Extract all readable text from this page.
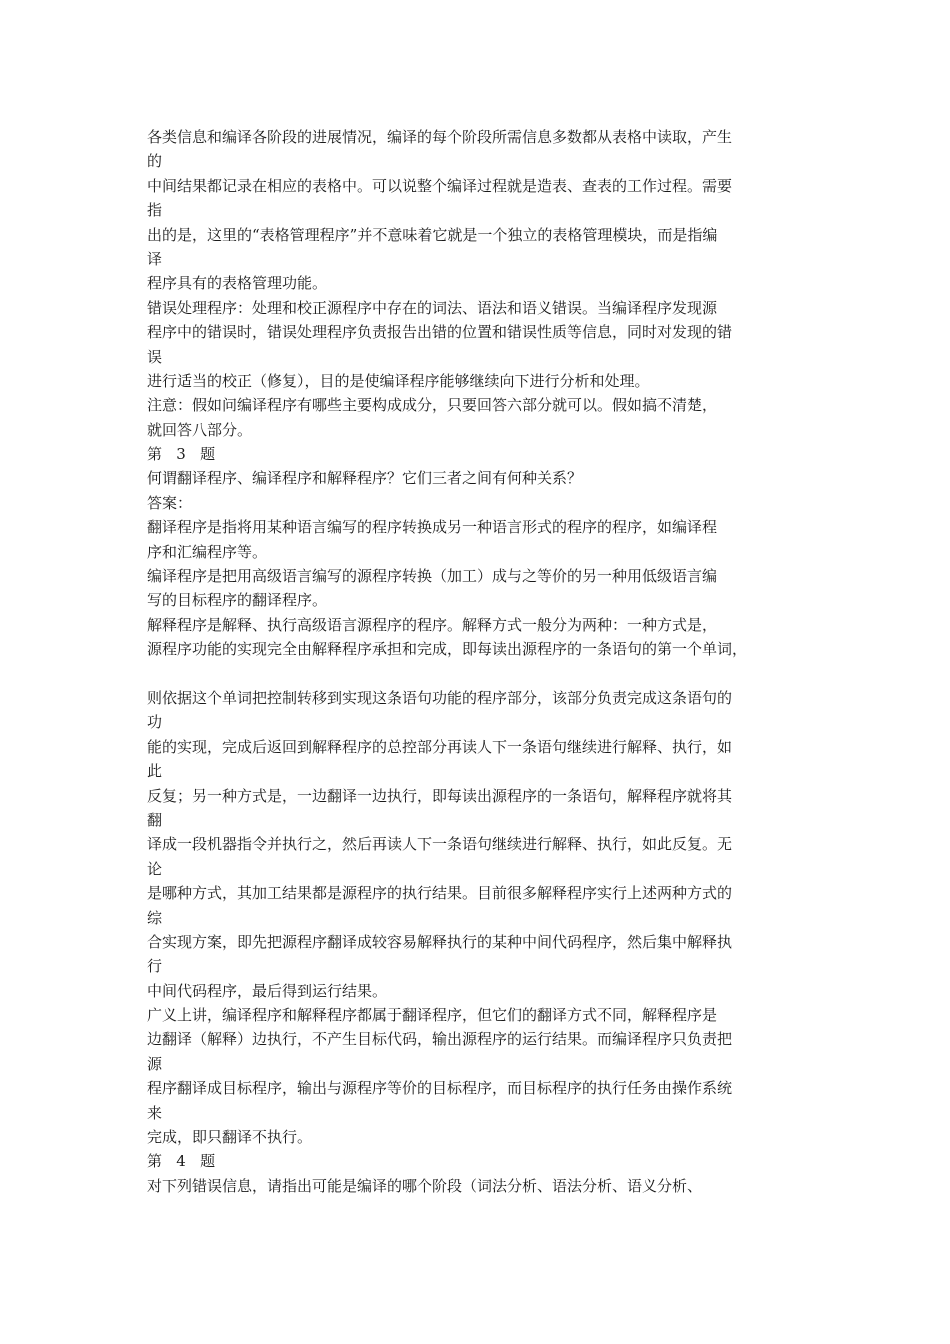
各类信息和编译各阶段的进展情况，编译的每个阶段所需信息多数都从表格中读取，产生
的
中间结果都记录在相应的表格中。可以说整个编译过程就是造表、查表的工作过程。需要
指
出的是，这里的“表格管理程序”并不意味着它就是一个独立的表格管理模块，而是指编
译
程序具有的表格管理功能。
错误处理程序：处理和校正源程序中存在的词法、语法和语义错误。当编译程序发现源
程序中的错误时，错误处理程序负责报告出错的位置和错误性质等信息，同时对发现的错
误
进行适当的校正（修复），目的是使编译程序能够继续向下进行分析和处理。
注意：假如问编译程序有哪些主要构成成分，只要回答六部分就可以。假如搞不清楚，
就回答八部分。
第   3   题
何谓翻译程序、编译程序和解释程序？它们三者之间有何种关系？
答案：
翻译程序是指将用某种语言编写的程序转换成另一种语言形式的程序的程序，如编译程
序和汇编程序等。
编译程序是把用高级语言编写的源程序转换（加工）成与之等价的另一种用低级语言编
写的目标程序的翻译程序。
解释程序是解释、执行高级语言源程序的程序。解释方式一般分为两种：一种方式是，
源程序功能的实现完全由解释程序承担和完成，即每读出源程序的一条语句的第一个单词，
则依据这个单词把控制转移到实现这条语句功能的程序部分，该部分负责完成这条语句的
功
能的实现，完成后返回到解释程序的总控部分再读人下一条语句继续进行解释、执行，如
此
反复；另一种方式是，一边翻译一边执行，即每读出源程序的一条语句，解释程序就将其
翻
译成一段机器指令并执行之，然后再读人下一条语句继续进行解释、执行，如此反复。无
论
是哪种方式，其加工结果都是源程序的执行结果。目前很多解释程序实行上述两种方式的
综
合实现方案，即先把源程序翻译成较容易解释执行的某种中间代码程序，然后集中解释执
行
中间代码程序，最后得到运行结果。
广义上讲，编译程序和解释程序都属于翻译程序，但它们的翻译方式不同，解释程序是
边翻译（解释）边执行，不产生目标代码，输出源程序的运行结果。而编译程序只负责把
源
程序翻译成目标程序，输出与源程序等价的目标程序，而目标程序的执行任务由操作系统
来
完成，即只翻译不执行。
第   4   题
对下列错误信息，请指出可能是编译的哪个阶段（词法分析、语法分析、语义分析、
